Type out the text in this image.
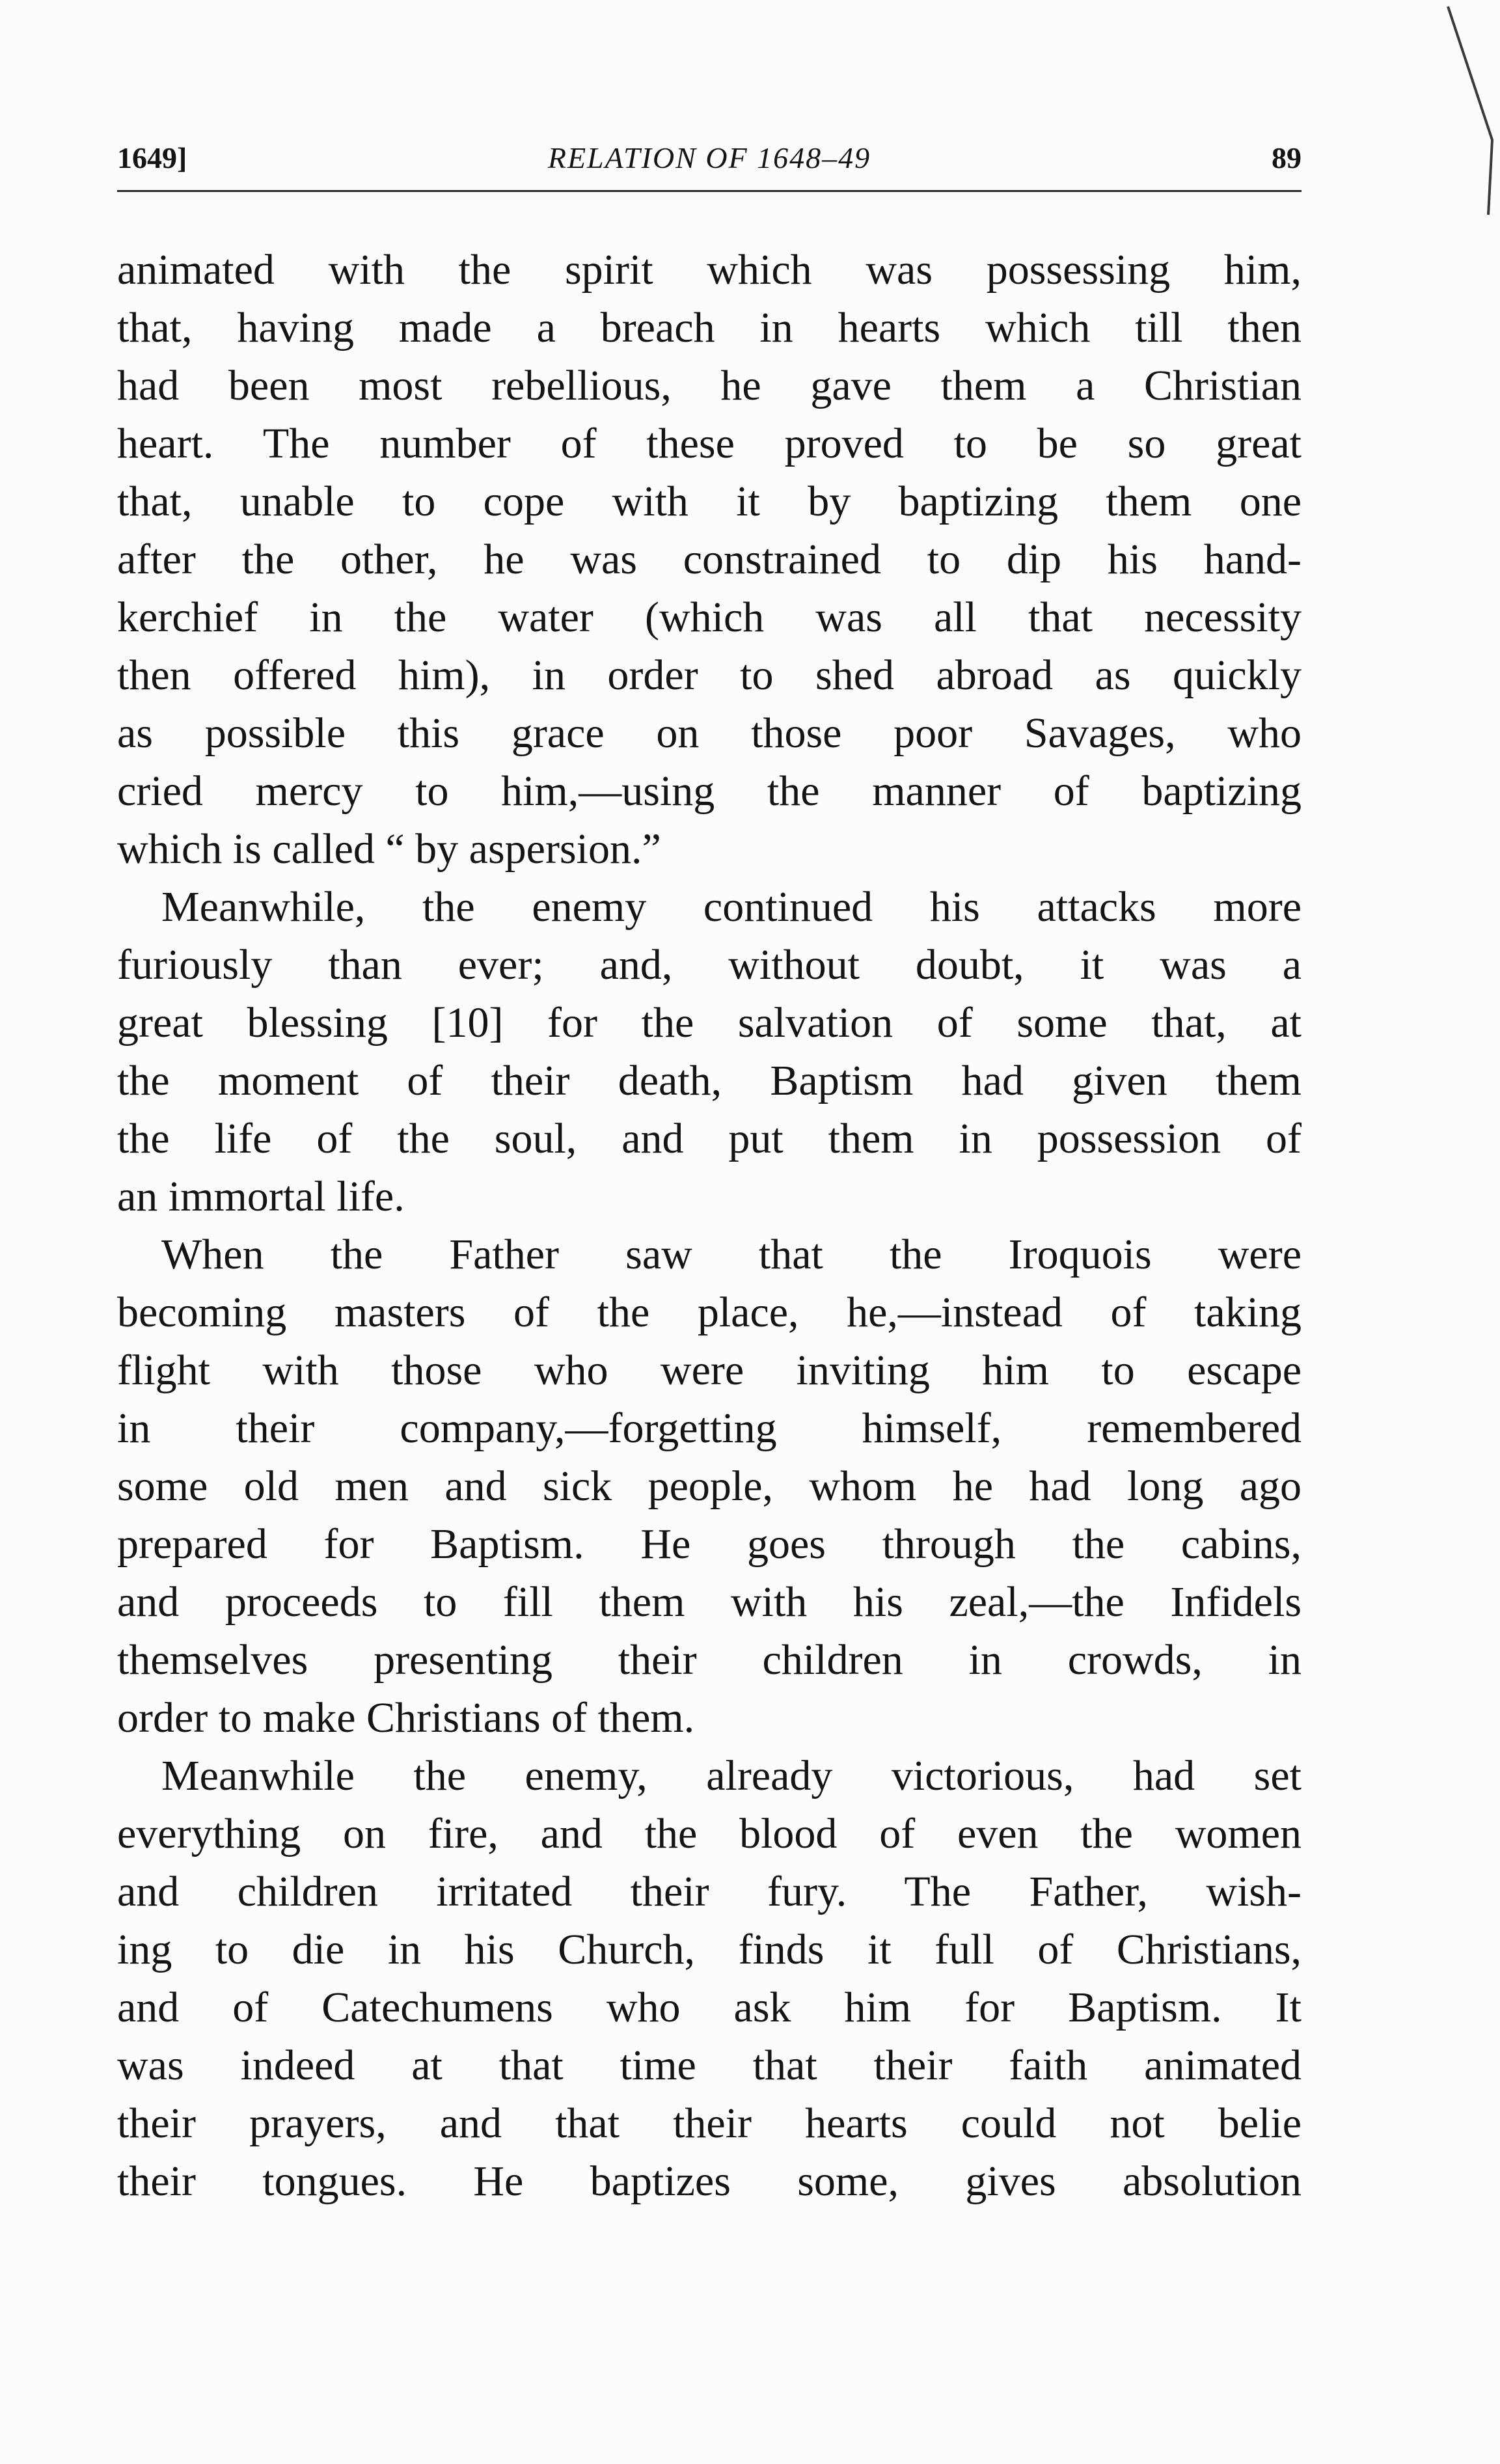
1649]	RELATION OF 1648–49	89
animated with the spirit which was possessing him,
that, having made a breach in hearts which till then
had been most rebellious, he gave them a Christian
heart. The number of these proved to be so great
that, unable to cope with it by baptizing them one
after the other, he was constrained to dip his hand-
kerchief in the water (which was all that necessity
then offered him), in order to shed abroad as quickly
as possible this grace on those poor Savages, who
cried mercy to him,—using the manner of baptizing
which is called “ by aspersion.”
Meanwhile, the enemy continued his attacks more
furiously than ever; and, without doubt, it was a
great blessing [10] for the salvation of some that, at
the moment of their death, Baptism had given them
the life of the soul, and put them in possession of
an immortal life.
When the Father saw that the Iroquois were
becoming masters of the place, he,—instead of taking
flight with those who were inviting him to escape
in their company,—forgetting himself, remembered
some old men and sick people, whom he had long ago
prepared for Baptism. He goes through the cabins,
and proceeds to fill them with his zeal,—the Infidels
themselves presenting their children in crowds, in
order to make Christians of them.
Meanwhile the enemy, already victorious, had set
everything on fire, and the blood of even the women
and children irritated their fury. The Father, wish-
ing to die in his Church, finds it full of Christians,
and of Catechumens who ask him for Baptism. It
was indeed at that time that their faith animated
their prayers, and that their hearts could not belie
their tongues. He baptizes some, gives absolution
